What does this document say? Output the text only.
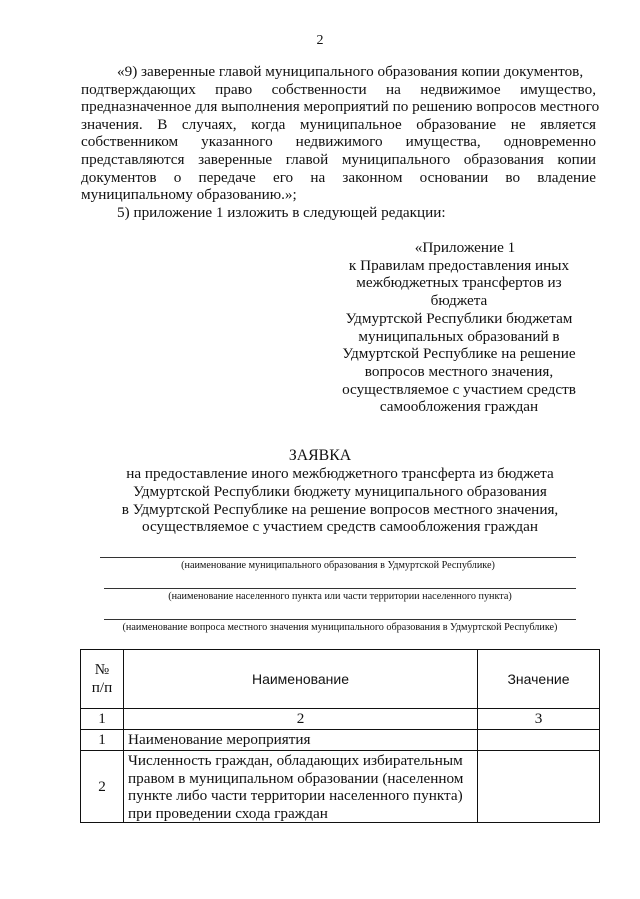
2
«9) заверенные главой муниципального образования копии документов,
подтверждающих право собственности на недвижимое имущество,
предназначенное для выполнения мероприятий по решению вопросов местного
значения. В случаях, когда муниципальное образование не является
собственником указанного недвижимого имущества, одновременно
представляются заверенные главой муниципального образования копии
документов о передаче его на законном основании во владение
муниципальному образованию.»;
5) приложение 1 изложить в следующей редакции:
«Приложение 1
к Правилам предоставления иных
межбюджетных трансфертов из бюджета
Удмуртской Республики бюджетам
муниципальных образований в
Удмуртской Республике на решение
вопросов местного значения,
осуществляемое с участием средств
самообложения граждан
ЗАЯВКА
на предоставление иного межбюджетного трансферта из бюджета
Удмуртской Республики бюджету муниципального образования
в Удмуртской Республике на решение вопросов местного значения,
осуществляемое с участием средств самообложения граждан
(наименование муниципального образования в Удмуртской Республике)
(наименование населенного пункта или части территории населенного пункта)
(наименование вопроса местного значения муниципального образования в Удмуртской Республике)
№
п/п	Наименование	Значение
1	2	3
1	Наименование мероприятия	
2	Численность граждан, обладающих избирательным
правом в муниципальном образовании (населенном
пункте либо части территории населенного пункта)
при проведении схода граждан	
